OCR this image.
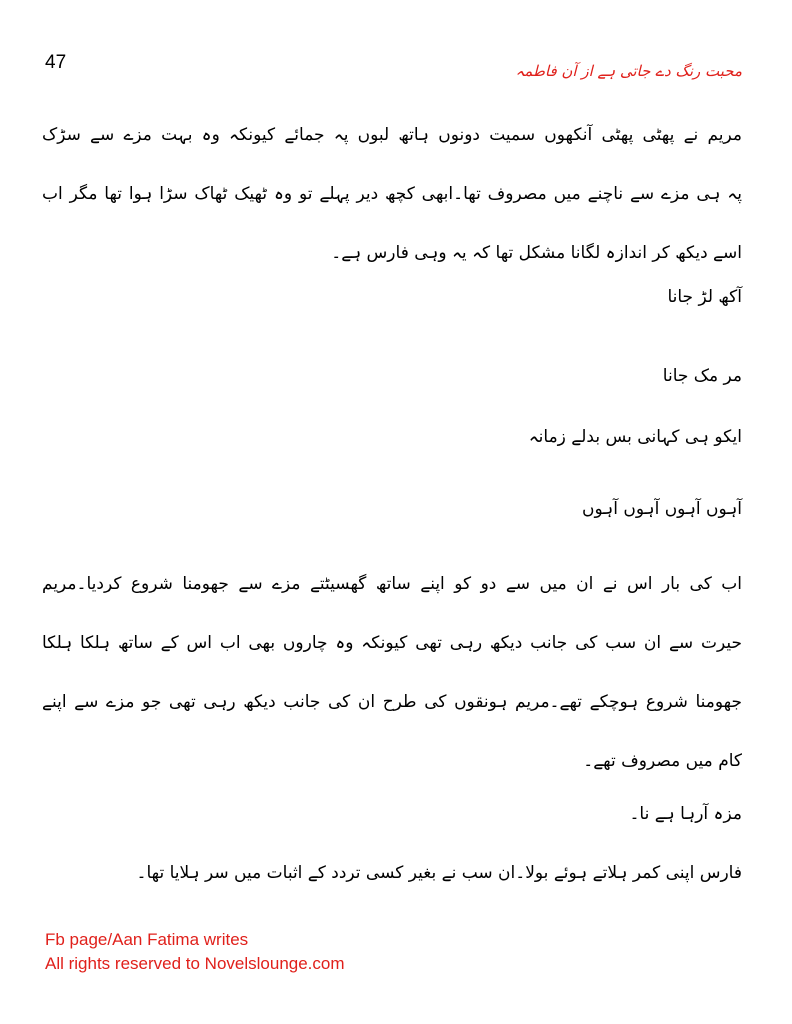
47	محبت رنگ دے جاتی ہے از آن فاطمہ
مریم نے پھٹی پھٹی آنکھوں سمیت دونوں ہاتھ لبوں پہ جمائے کیونکہ وہ بہت مزے سے سڑک
پہ ہی مزے سے ناچنے میں مصروف تھا۔ابھی کچھ دیر پہلے تو وہ ٹھیک ٹھاک سڑا ہوا تھا مگر اب
اسے دیکھ کر اندازہ لگانا مشکل تھا کہ یہ وہی فارس ہے۔
آکھ لڑ جانا
مر مک جانا
ایکو ہی کہانی بس بدلے زمانہ
آہوں آہوں آہوں آہوں
اب کی بار اس نے ان میں سے دو کو اپنے ساتھ گھسیٹتے مزے سے جھومنا شروع کردیا۔مریم
حیرت سے ان سب کی جانب دیکھ رہی تھی کیونکہ وہ چاروں بھی اب اس کے ساتھ ہلکا ہلکا
جھومنا شروع ہوچکے تھے۔مریم ہونقوں کی طرح ان کی جانب دیکھ رہی تھی جو مزے سے اپنے
کام میں مصروف تھے۔
مزہ آرہا ہے نا۔
فارس اپنی کمر ہلاتے ہوئے بولا۔ان سب نے بغیر کسی تردد کے اثبات میں سر ہلایا تھا۔
Fb page/Aan Fatima writes
All rights reserved to Novelslounge.com
